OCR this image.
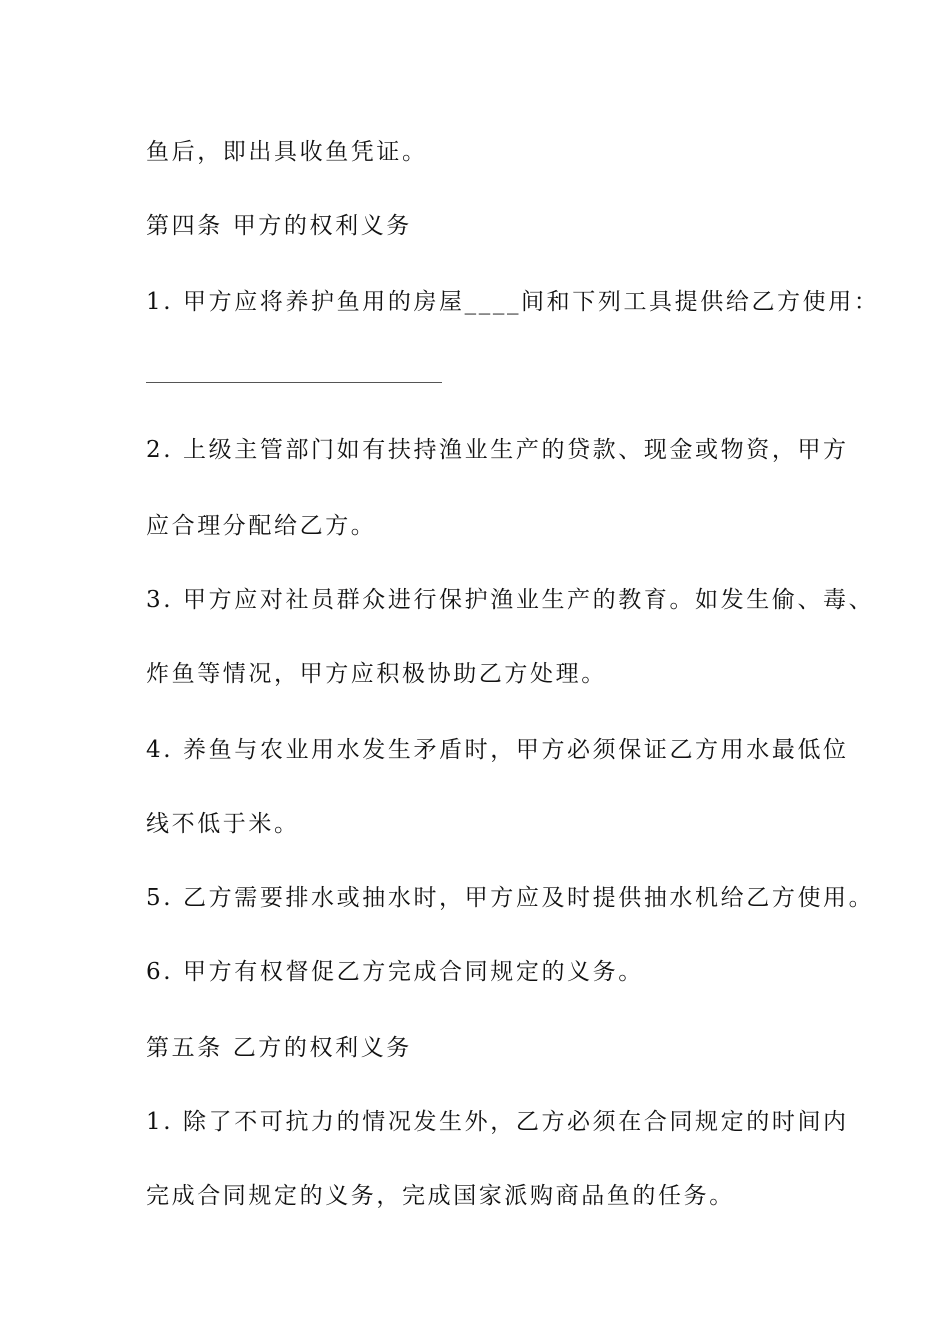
鱼后，即出具收鱼凭证。
第四条 甲方的权利义务
1. 甲方应将养护鱼用的房屋____间和下列工具提供给乙方使用：
2. 上级主管部门如有扶持渔业生产的贷款、现金或物资，甲方
应合理分配给乙方。
3. 甲方应对社员群众进行保护渔业生产的教育。如发生偷、毒、
炸鱼等情况，甲方应积极协助乙方处理。
4. 养鱼与农业用水发生矛盾时，甲方必须保证乙方用水最低位
线不低于米。
5. 乙方需要排水或抽水时，甲方应及时提供抽水机给乙方使用。
6. 甲方有权督促乙方完成合同规定的义务。
第五条 乙方的权利义务
1. 除了不可抗力的情况发生外，乙方必须在合同规定的时间内
完成合同规定的义务，完成国家派购商品鱼的任务。
